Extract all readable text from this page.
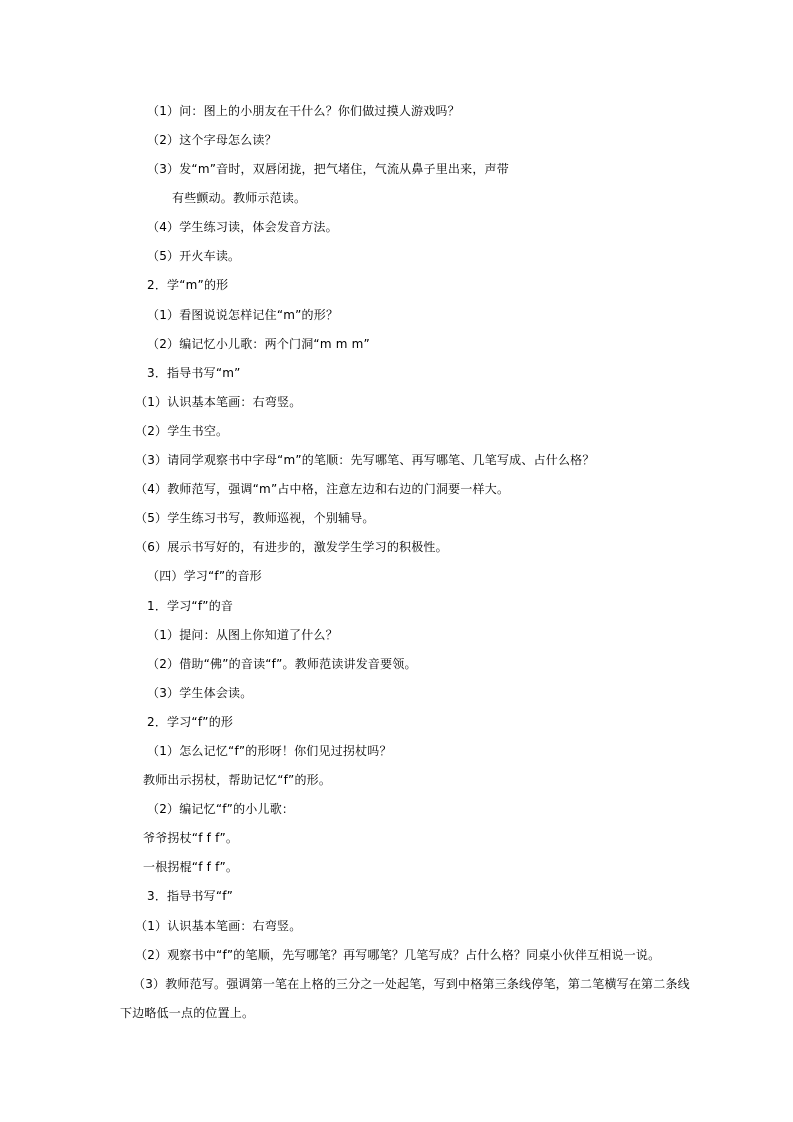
（1）问：图上的小朋友在干什么？你们做过摸人游戏吗？
（2）这个字母怎么读？
（3）发“m”音时，双唇闭拢，把气堵住，气流从鼻子里出来，声带
有些颤动。教师示范读。
（4）学生练习读，体会发音方法。
（5）开火车读。
2．学“m”的形
（1）看图说说怎样记住“m”的形？
（2）编记忆小儿歌：两个门洞“m m m”
3．指导书写“m”
（1）认识基本笔画：右弯竖。
（2）学生书空。
（3）请同学观察书中字母“m”的笔顺：先写哪笔、再写哪笔、几笔写成、占什么格？
（4）教师范写，强调“m”占中格，注意左边和右边的门洞要一样大。
（5）学生练习书写，教师巡视，个别辅导。
（6）展示书写好的，有进步的，激发学生学习的积极性。
（四）学习“f”的音形
1．学习“f”的音
（1）提问：从图上你知道了什么？
（2）借助“佛”的音读“f”。教师范读讲发音要领。
（3）学生体会读。
2．学习“f”的形
（1）怎么记忆“f”的形呀！你们见过拐杖吗？
教师出示拐杖，帮助记忆“f”的形。
（2）编记忆“f”的小儿歌：
爷爷拐杖“f f f”。
一根拐棍“f f f”。
3．指导书写“f”
（1）认识基本笔画：右弯竖。
（2）观察书中“f”的笔顺，先写哪笔？再写哪笔？几笔写成？占什么格？同桌小伙伴互相说一说。
（3）教师范写。强调第一笔在上格的三分之一处起笔，写到中格第三条线停笔，第二笔横写在第二条线
下边略低一点的位置上。
